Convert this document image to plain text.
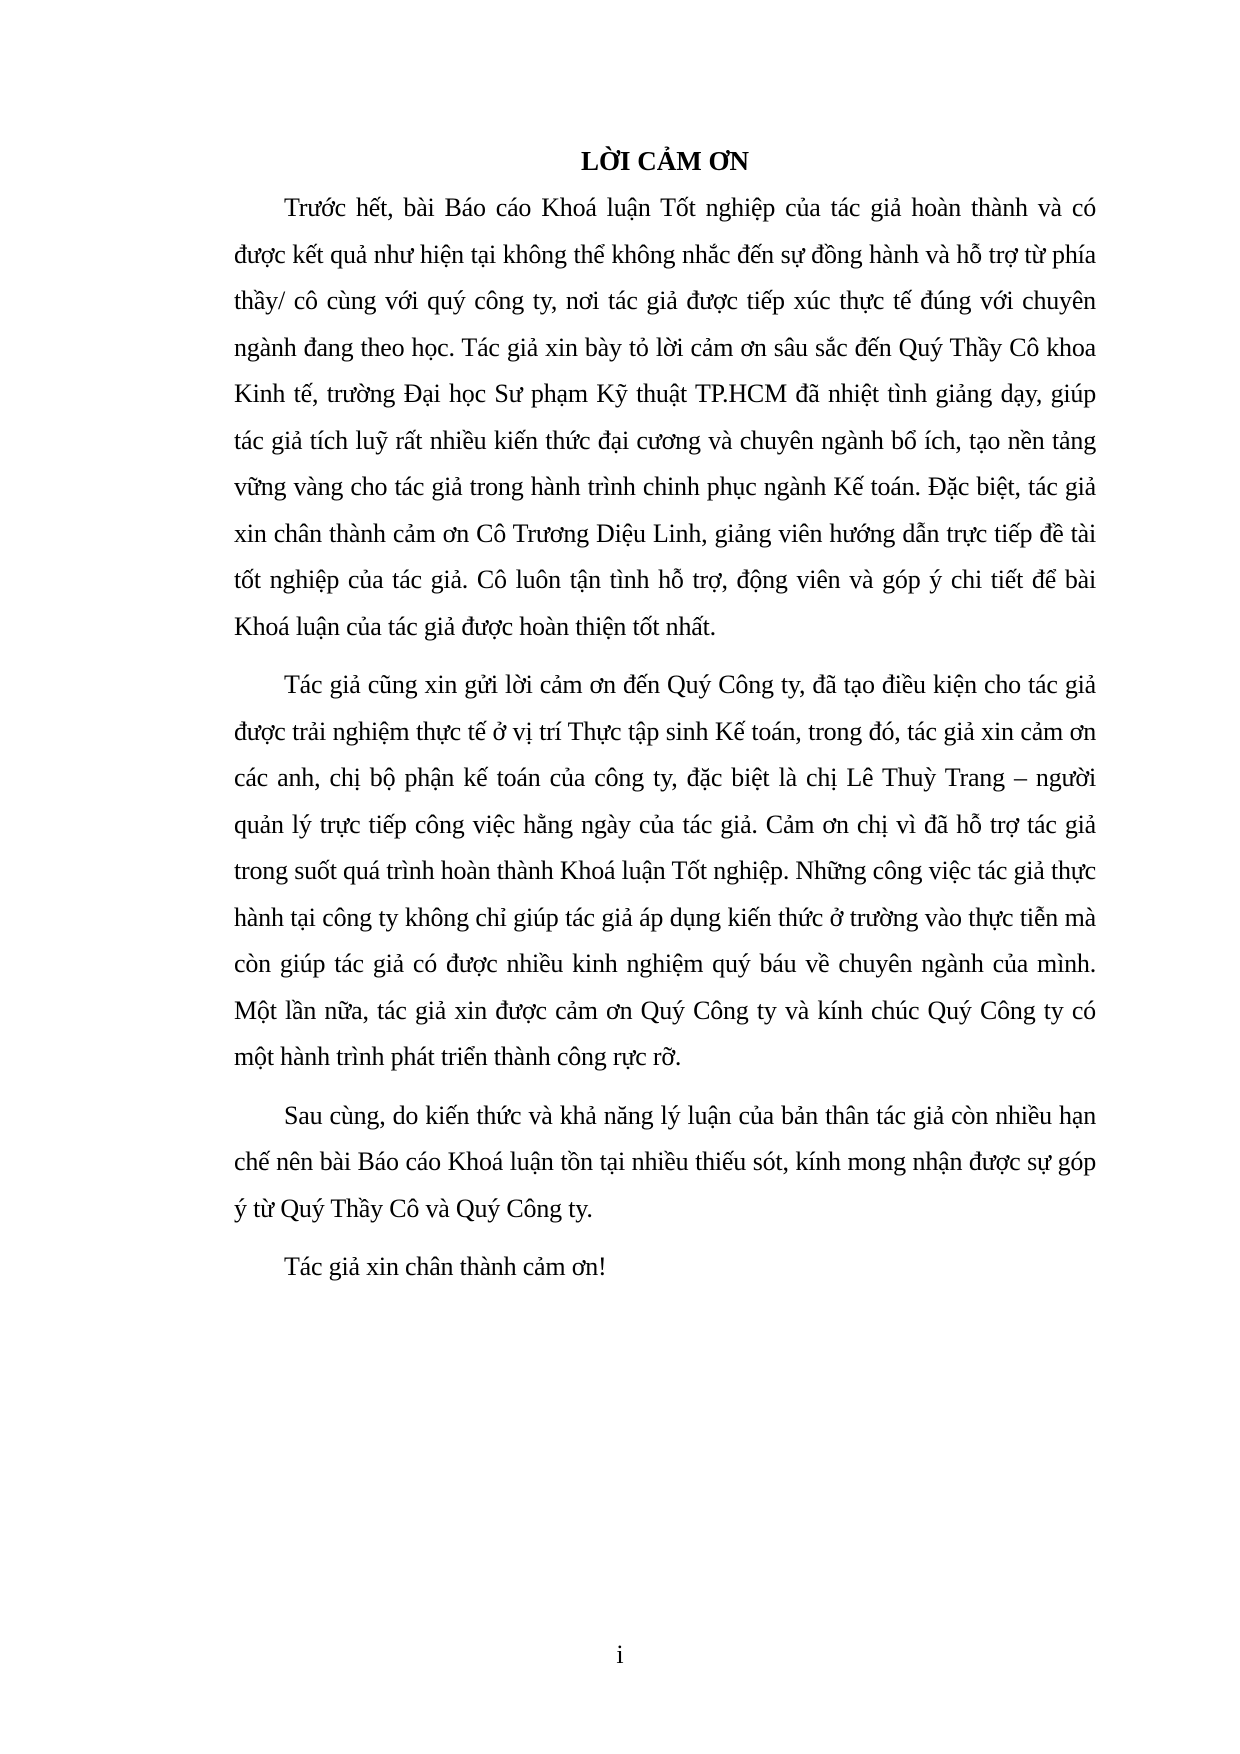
LỜI CẢM ƠN

Trước hết, bài Báo cáo Khoá luận Tốt nghiệp của tác giả hoàn thành và có được kết quả như hiện tại không thể không nhắc đến sự đồng hành và hỗ trợ từ phía thầy/ cô cùng với quý công ty, nơi tác giả được tiếp xúc thực tế đúng với chuyên ngành đang theo học. Tác giả xin bày tỏ lời cảm ơn sâu sắc đến Quý Thầy Cô khoa Kinh tế, trường Đại học Sư phạm Kỹ thuật TP.HCM đã nhiệt tình giảng dạy, giúp tác giả tích luỹ rất nhiều kiến thức đại cương và chuyên ngành bổ ích, tạo nền tảng vững vàng cho tác giả trong hành trình chinh phục ngành Kế toán. Đặc biệt, tác giả xin chân thành cảm ơn Cô Trương Diệu Linh, giảng viên hướng dẫn trực tiếp đề tài tốt nghiệp của tác giả. Cô luôn tận tình hỗ trợ, động viên và góp ý chi tiết để bài Khoá luận của tác giả được hoàn thiện tốt nhất.

Tác giả cũng xin gửi lời cảm ơn đến Quý Công ty, đã tạo điều kiện cho tác giả được trải nghiệm thực tế ở vị trí Thực tập sinh Kế toán, trong đó, tác giả xin cảm ơn các anh, chị bộ phận kế toán của công ty, đặc biệt là chị Lê Thuỳ Trang – người quản lý trực tiếp công việc hằng ngày của tác giả. Cảm ơn chị vì đã hỗ trợ tác giả trong suốt quá trình hoàn thành Khoá luận Tốt nghiệp. Những công việc tác giả thực hành tại công ty không chỉ giúp tác giả áp dụng kiến thức ở trường vào thực tiễn mà còn giúp tác giả có được nhiều kinh nghiệm quý báu về chuyên ngành của mình. Một lần nữa, tác giả xin được cảm ơn Quý Công ty và kính chúc Quý Công ty có một hành trình phát triển thành công rực rỡ.

Sau cùng, do kiến thức và khả năng lý luận của bản thân tác giả còn nhiều hạn chế nên bài Báo cáo Khoá luận tồn tại nhiều thiếu sót, kính mong nhận được sự góp ý từ Quý Thầy Cô và Quý Công ty.

Tác giả xin chân thành cảm ơn!

i
